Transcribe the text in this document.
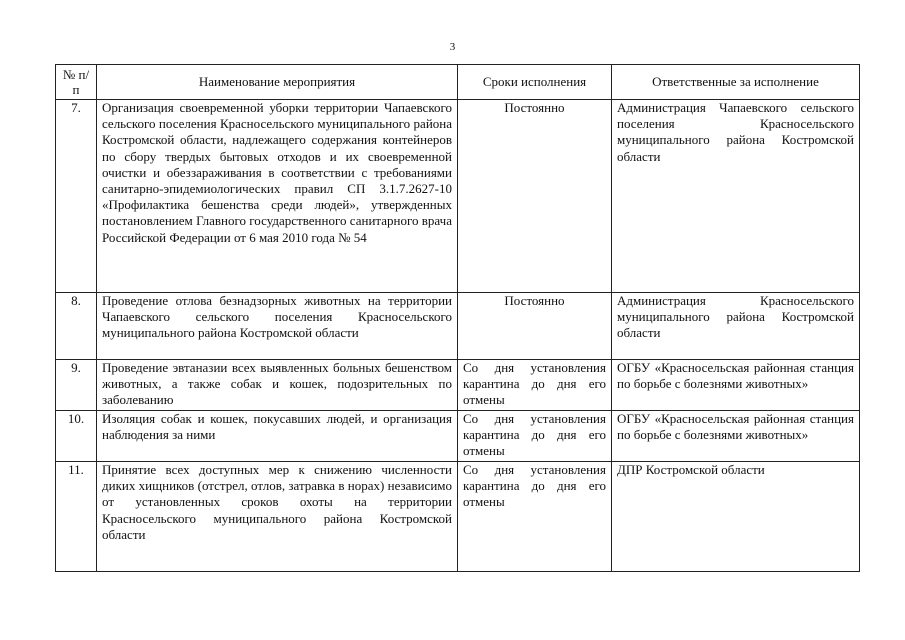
3
№ п/п	Наименование мероприятия	Сроки исполнения	Ответственные за исполнение
7.	Организация своевременной уборки территории Чапаевского сельского поселения Красносельского муниципального района Костромской области, надлежащего содержания контейнеров по сбору твердых бытовых отходов и их своевременной очистки и обеззараживания в соответствии с требованиями санитарно-эпидемиологических правил СП 3.1.7.2627-10 «Профилактика бешенства среди людей», утвержденных постановлением Главного государственного санитарного врача Российской Федерации от 6 мая 2010 года № 54	Постоянно	Администрация Чапаевского сельского поселения Красносельского муниципального района Костромской области
8.	Проведение отлова безнадзорных животных на территории Чапаевского сельского поселения Красносельского муниципального района Костромской области	Постоянно	Администрация Красносельского муниципального района Костромской области
9.	Проведение эвтаназии всех выявленных больных бешенством животных, а также собак и кошек, подозрительных по заболеванию	Со дня установления карантина до дня его отмены	ОГБУ «Красносельская районная станция по борьбе с болезнями животных»
10.	Изоляция собак и кошек, покусавших людей, и организация наблюдения за ними	Со дня установления карантина до дня его отмены	ОГБУ «Красносельская районная станция по борьбе с болезнями животных»
11.	Принятие всех доступных мер к снижению численности диких хищников (отстрел, отлов, затравка в норах) независимо от установленных сроков охоты на территории Красносельского муниципального района Костромской области	Со дня установления карантина до дня его отмены	ДПР Костромской области
